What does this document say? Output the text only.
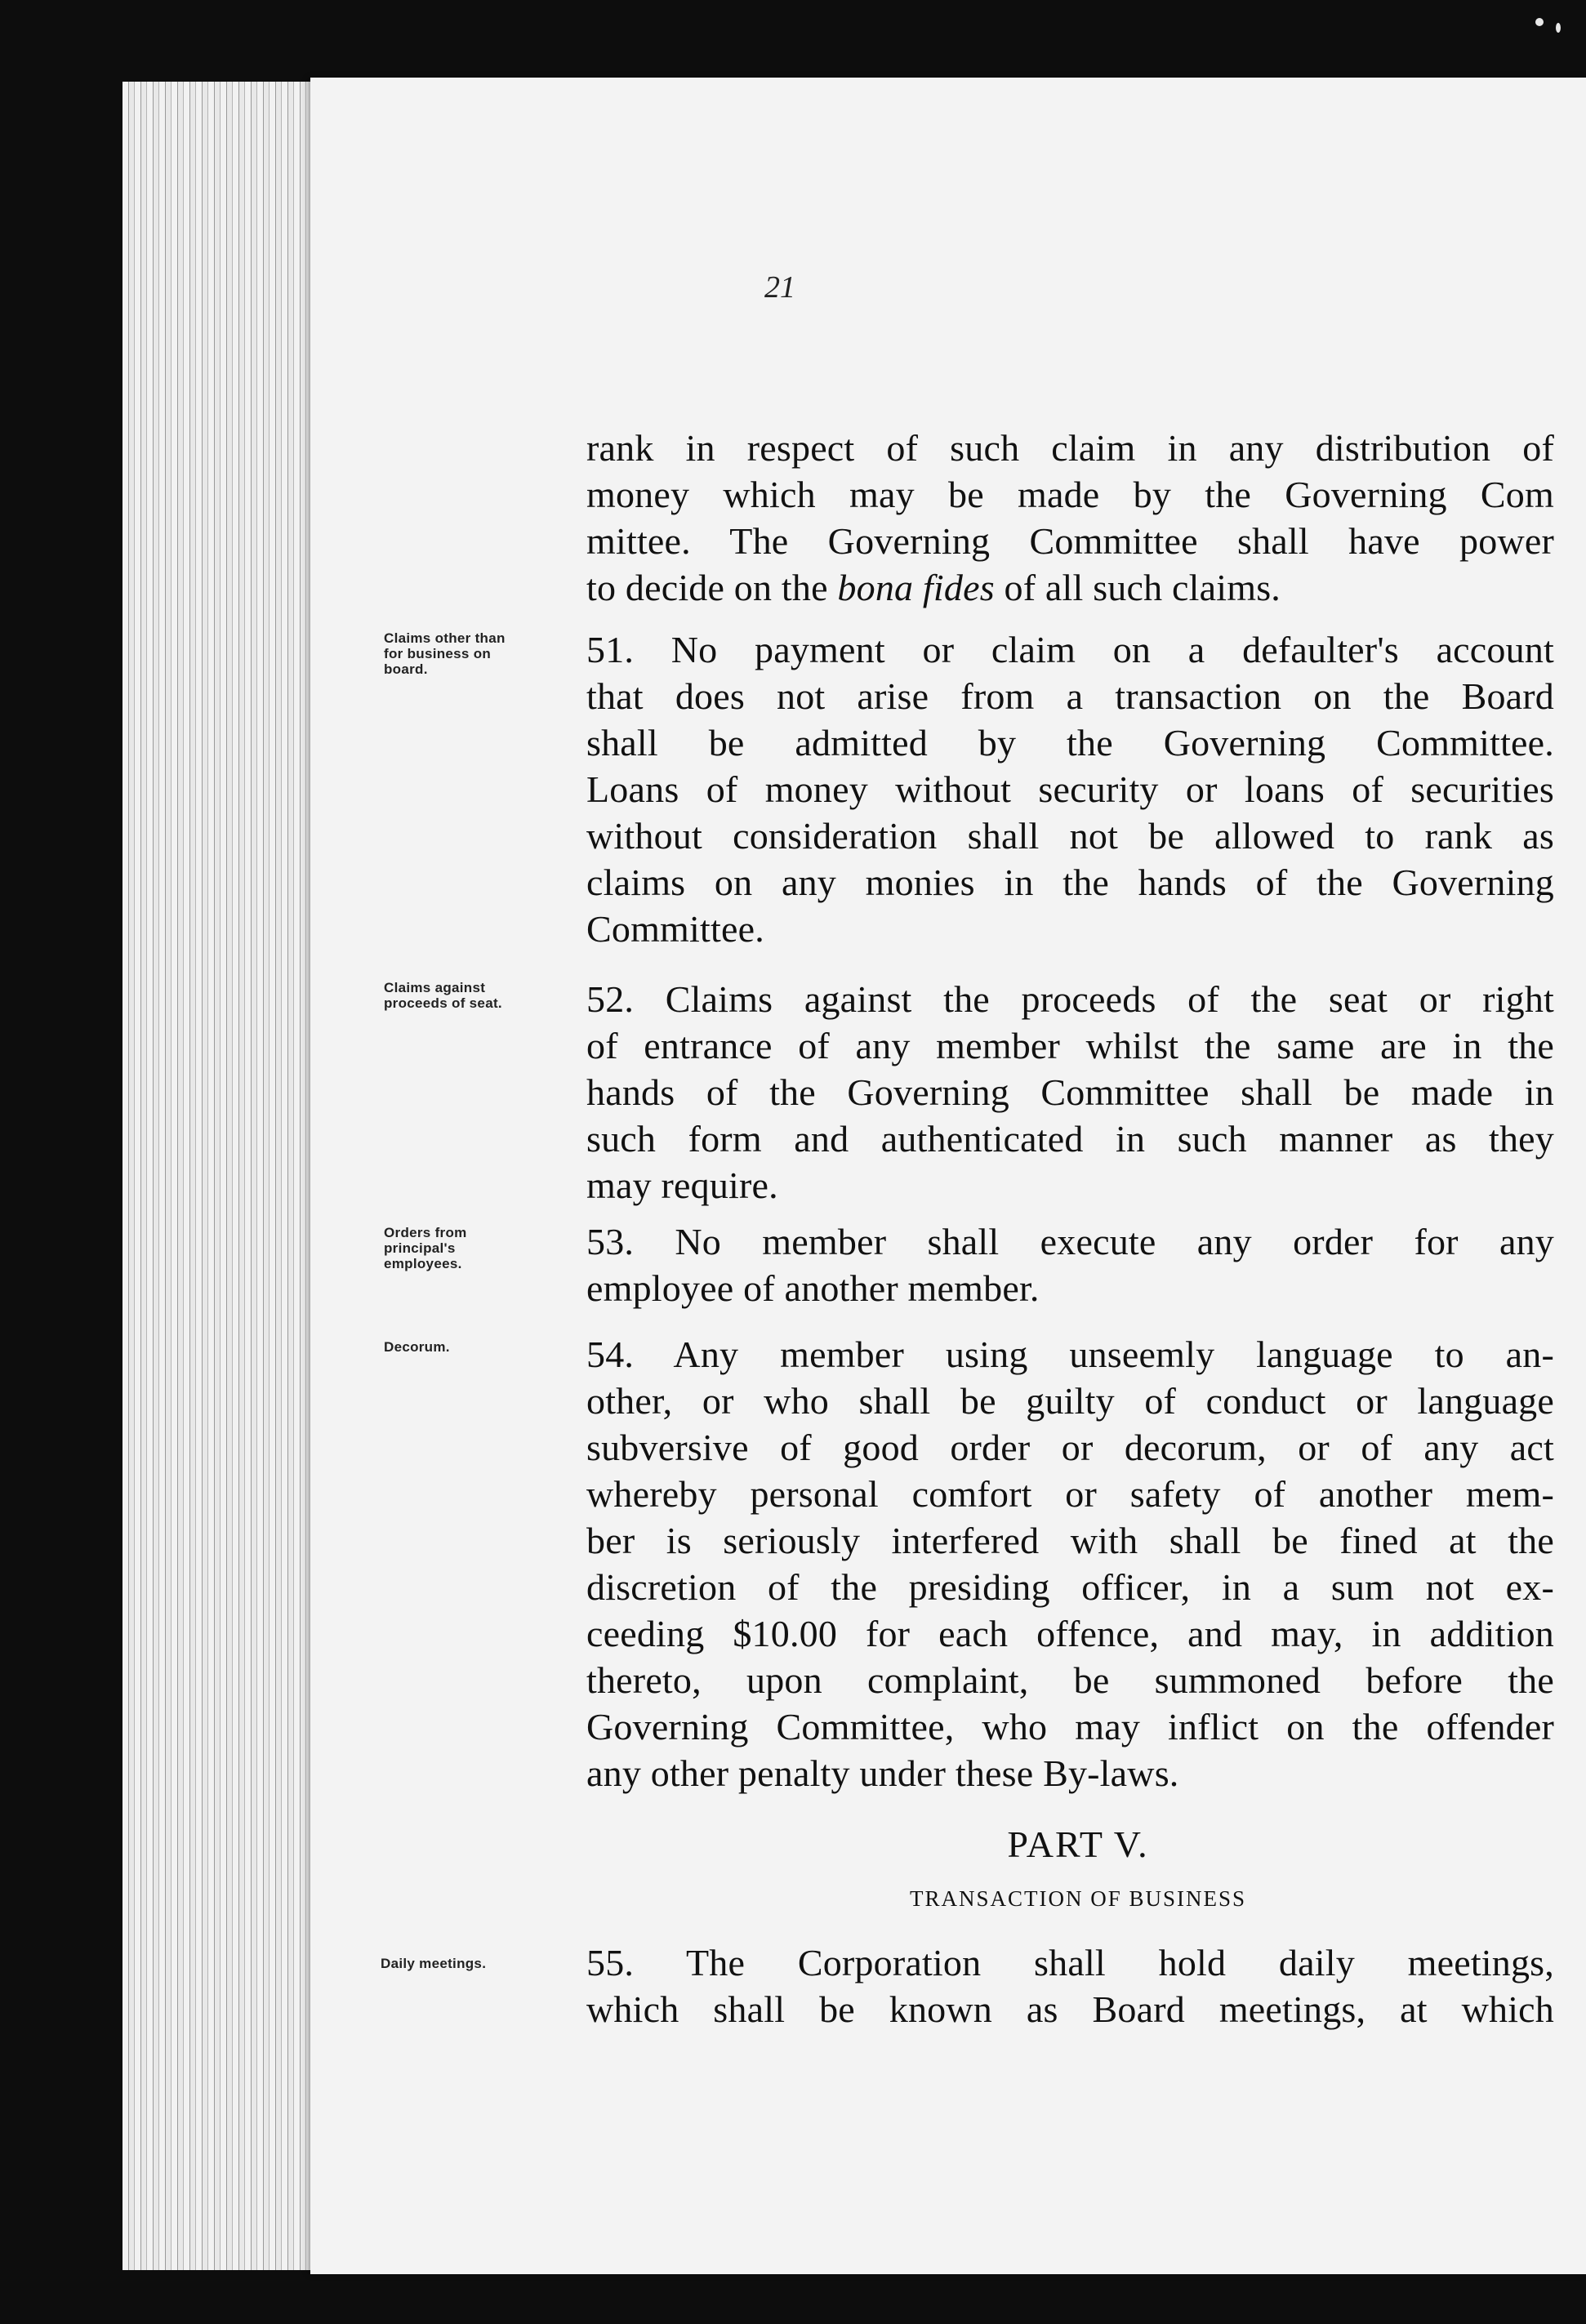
21
rank in respect of such claim in any distribution of
money which may be made by the Governing Com
mittee. The Governing Committee shall have power
to decide on the bona fides of all such claims.
Claims other than for business on board.	51. No payment or claim on a defaulter's account
that does not arise from a transaction on the Board
shall be admitted by the Governing Committee.
Loans of money without security or loans of securities
without consideration shall not be allowed to rank as
claims on any monies in the hands of the Governing
Committee.
Claims against proceeds of seat.	52. Claims against the proceeds of the seat or right
of entrance of any member whilst the same are in the
hands of the Governing Committee shall be made in
such form and authenticated in such manner as they
may require.
Orders from principal's employees.
53. No member shall execute any order for any
employee of another member.
Decorum.	54. Any member using unseemly language to an-
other, or who shall be guilty of conduct or language
subversive of good order or decorum, or of any act
whereby personal comfort or safety of another mem-
ber is seriously interfered with shall be fined at the
discretion of the presiding officer, in a sum not ex-
ceeding $10.00 for each offence, and may, in addition
thereto, upon complaint, be summoned before the
Governing Committee, who may inflict on the offender
any other penalty under these By-laws.
PART V.
TRANSACTION OF BUSINESS
Daily meetings.	55. The Corporation shall hold daily meetings,
which shall be known as Board meetings, at which
